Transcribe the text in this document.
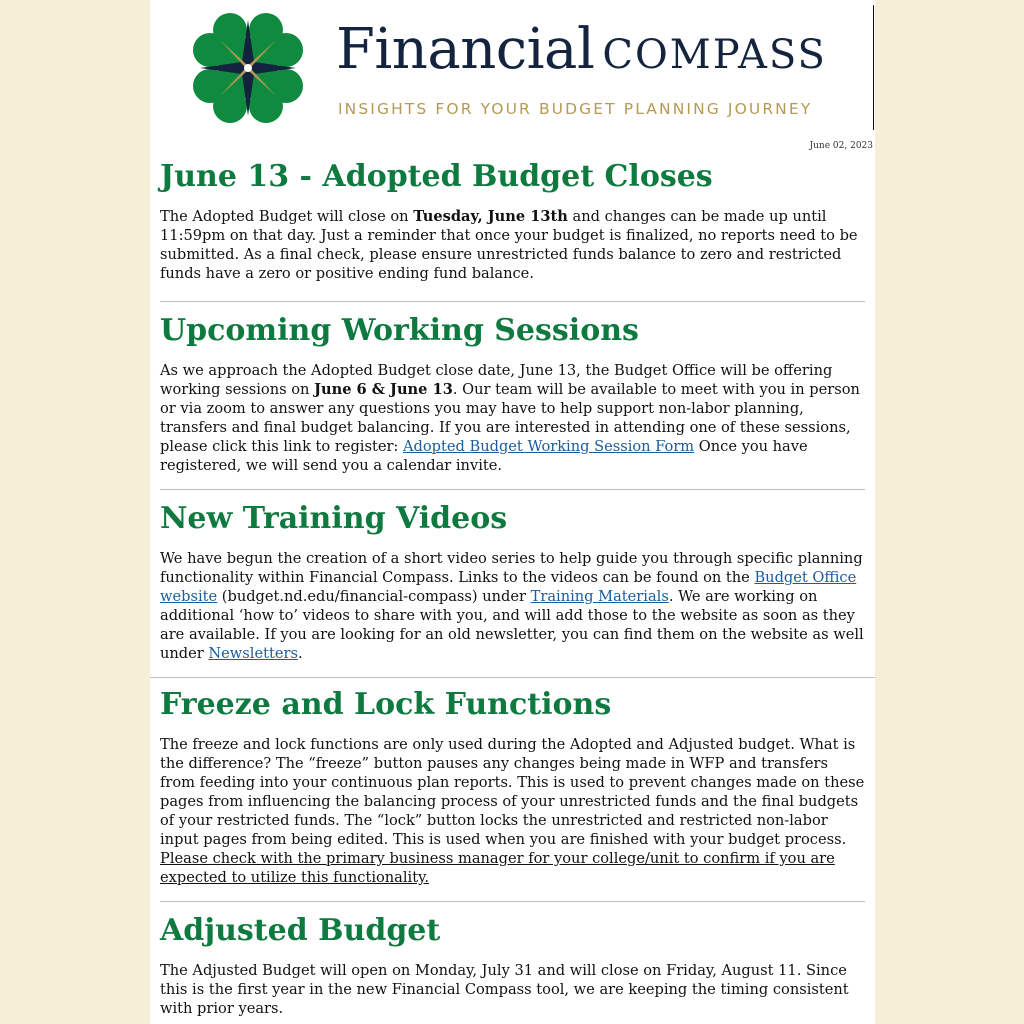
Financial COMPASS
INSIGHTS FOR YOUR BUDGET PLANNING JOURNEY
June 02, 2023
June 13 - Adopted Budget Closes

The Adopted Budget will close on Tuesday, June 13th and changes can be made up until 11:59pm on that day. Just a reminder that once your budget is finalized, no reports need to be submitted. As a final check, please ensure unrestricted funds balance to zero and restricted funds have a zero or positive ending fund balance.

Upcoming Working Sessions

As we approach the Adopted Budget close date, June 13, the Budget Office will be offering working sessions on June 6 & June 13. Our team will be available to meet with you in person or via zoom to answer any questions you may have to help support non-labor planning, transfers and final budget balancing. If you are interested in attending one of these sessions, please click this link to register: Adopted Budget Working Session Form Once you have registered, we will send you a calendar invite.

New Training Videos

We have begun the creation of a short video series to help guide you through specific planning functionality within Financial Compass. Links to the videos can be found on the Budget Office website (budget.nd.edu/financial-compass) under Training Materials. We are working on additional ‘how to’ videos to share with you, and will add those to the website as soon as they are available. If you are looking for an old newsletter, you can find them on the website as well under Newsletters.

Freeze and Lock Functions

The freeze and lock functions are only used during the Adopted and Adjusted budget. What is the difference? The “freeze” button pauses any changes being made in WFP and transfers from feeding into your continuous plan reports. This is used to prevent changes made on these pages from influencing the balancing process of your unrestricted funds and the final budgets of your restricted funds. The “lock” button locks the unrestricted and restricted non-labor input pages from being edited. This is used when you are finished with your budget process. Please check with the primary business manager for your college/unit to confirm if you are expected to utilize this functionality.

Adjusted Budget

The Adjusted Budget will open on Monday, July 31 and will close on Friday, August 11. Since this is the first year in the new Financial Compass tool, we are keeping the timing consistent with prior years.
